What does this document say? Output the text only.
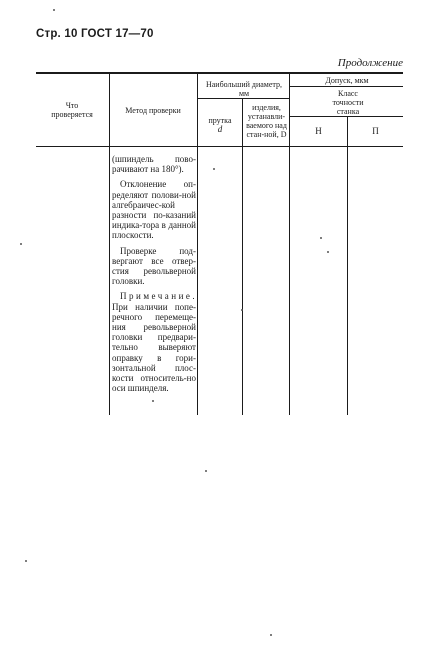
Стр. 10 ГОСТ 17—70
Продолжение
Что проверяется	Метод проверки
Наибольший диаметр, мм
прутка
d
изделия, устанавли-ваемого над стан-ной, D
Допуск, мкм
Класс точности станка
Н	П

(шпиндель пово-рачивают на 180°).

Отклонение оп-ределяют полови-ной алгебраичес-кой разности по-казаний индика-тора в данной плоскости.

Проверке под-вергают все отвер-стия револьверной головки.

Примечание. При наличии попе-речного перемеще-ния револьверной головки предвари-тельно выверяют оправку в гори-зонтальной плос-кости относитель-но оси шпинделя.
